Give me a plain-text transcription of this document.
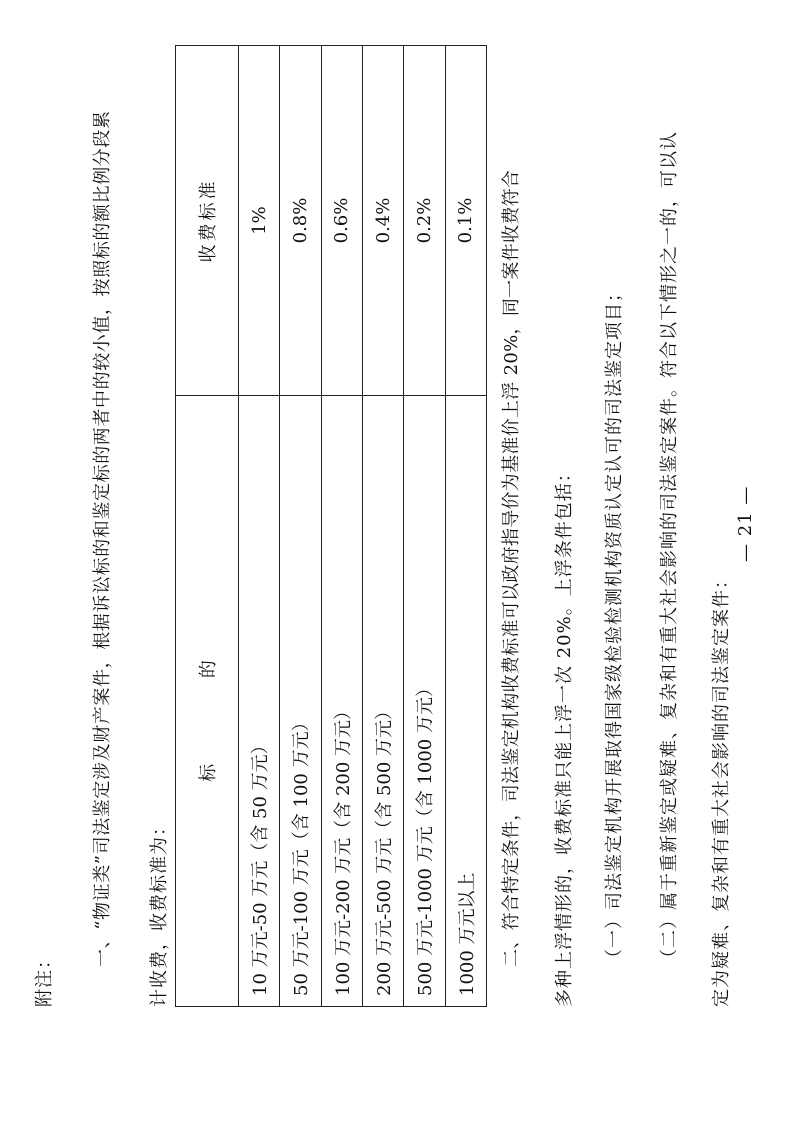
附注：
一、“物证类”司法鉴定涉及财产案件，根据诉讼标的和鉴定标的两者中的较小值，按照标的额比例分段累 计收费，收费标准为：
标 的	收费标准
10 万元-50 万元（含 50 万元）	1%
50 万元-100 万元（含 100 万元）	0.8%
100 万元-200 万元（含 200 万元）	0.6%
200 万元-500 万元（含 500 万元）	0.4%
500 万元-1000 万元（含 1000 万元）	0.2%
1000 万元以上	0.1% 二、符合特定条件，司法鉴定机构收费标准可以政府指导价为基准价上浮 20%，同一案件收费符合 多种上浮情形的，收费标准只能上浮一次 20%。上浮条件包括： （一）司法鉴定机构开展取得国家级检验检测机构资质认定认可的司法鉴定项目； （二）属于重新鉴定或疑难、复杂和有重大社会影响的司法鉴定案件。符合以下情形之一的，可以认 定为疑难、复杂和有重大社会影响的司法鉴定案件：
— 21 —
